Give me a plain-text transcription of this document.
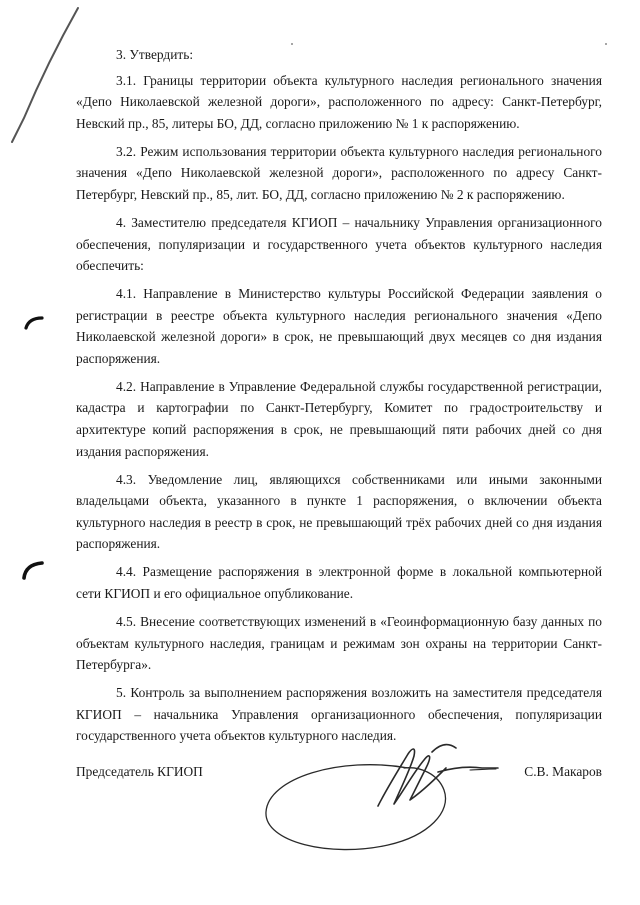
3. Утвердить:

3.1. Границы территории объекта культурного наследия регионального значения «Депо Николаевской железной дороги», расположенного по адресу: Санкт-Петербург, Невский пр., 85, литеры БО, ДД, согласно приложению № 1 к распоряжению.

3.2. Режим использования территории объекта культурного наследия регионального значения «Депо Николаевской железной дороги», расположенного по адресу Санкт-Петербург, Невский пр., 85, лит. БО, ДД, согласно приложению № 2 к распоряжению.

4. Заместителю председателя КГИОП – начальнику Управления организационного обеспечения, популяризации и государственного учета объектов культурного наследия обеспечить:

4.1. Направление в Министерство культуры Российской Федерации заявления о регистрации в реестре объекта культурного наследия регионального значения «Депо Николаевской железной дороги» в срок, не превышающий двух месяцев со дня издания распоряжения.

4.2. Направление в Управление Федеральной службы государственной регистрации, кадастра и картографии по Санкт-Петербургу, Комитет по градостроительству и архитектуре копий распоряжения в срок, не превышающий пяти рабочих дней со дня издания распоряжения.

4.3. Уведомление лиц, являющихся собственниками или иными законными владельцами объекта, указанного в пункте 1 распоряжения, о включении объекта культурного наследия в реестр в срок, не превышающий трёх рабочих дней со дня издания распоряжения.

4.4. Размещение распоряжения в электронной форме в локальной компьютерной сети КГИОП и его официальное опубликование.

4.5. Внесение соответствующих изменений в «Геоинформационную базу данных по объектам культурного наследия, границам и режимам зон охраны на территории Санкт-Петербурга».

5. Контроль за выполнением распоряжения возложить на заместителя председателя КГИОП – начальника Управления организационного обеспечения, популяризации государственного учета объектов культурного наследия.

Председатель КГИОП	С.В. Макаров
